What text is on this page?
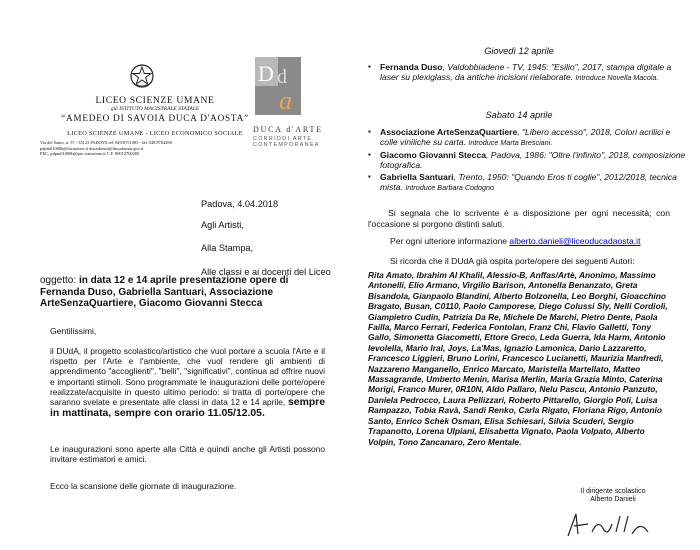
LICEO SCIENZE UMANE
già ISTITUTO MAGISTRALE STATALE
“AMEDEO DI SAVOIA DUCA D'AOSTA”
LICEO SCIENZE UMANE - LICEO ECONOMICO SOCIALE
Via del Santo, n. 57 - 35123 PADOVA tel. 049/8751083 - fax 049/8764290
pdpm01000b@istruzione.it ducadaosta@ducadaosta.gov.it
PEC: pdpm01000b@pec.istruzione.it C.F. 80012760285
D
a
d
DUCA d'ARTE
CORRIDOI ARTE
CONTEMPORANEA
Padova, 4.04.2018
Agli Artisti,
Alla Stampa,
Alle classi e ai docenti del Liceo
oggetto: in data 12 e 14 aprile presentazione opere di Fernanda Duso, Gabriella Santuari, Associazione ArteSenzaQuartiere, Giacomo Giovanni Stecca
Gentilissimi,
il DUdA, il progetto scolastico/artistico che vuol portare a scuola l'Arte e il rispetto per l'Arte e l'ambiente, che vuol rendere gli ambienti di apprendimento "accoglienti", "belli", "significativi", continua ad offrire nuovi e importanti stimoli. Sono programmate le inaugurazioni delle porte/opere realizzate/acquisite in questo ultimo periodo: si tratta di porte/opere che saranno svelate e presentate alle classi in data 12 e 14 aprile, sempre in mattinata, sempre con orario 11.05/12.05.
Le inaugurazioni sono aperte alla Città e quindi anche gli Artisti possono invitare estimatori e amici.
Ecco la scansione delle giornate di inaugurazione.
Giovedì 12 aprile
▪ Fernanda Duso, Valdobbiadene - TV, 1945: "Esilio", 2017, stampa digitale a laser su plexiglass, da antiche incisioni rielaborate. Introduce Novella Macola.
Sabato 14 aprile
▪ Associazione ArteSenzaQuartiere, "Libero accesso", 2018, Colori acrilici e colle viniliche su carta. Introduce Marta Bresciani.
▪ Giacomo Giovanni Stecca, Padova, 1986: "Oltre l'infinito", 2018, composizione fotografica.
▪ Gabriella Santuari, Trento, 1950: "Quando Eros ti coglie", 2012/2018, tecnica mista. Introduce Barbara Codogno
Si segnala che lo scrivente è a disposizione per ogni necessità; con l'occasione si porgono distinti saluti.
Per ogni ulteriore informazione alberto.danieli@liceoducadaosta.it
Si ricorda che il DUdA già ospita porte/opere dei seguenti Autori:
Rita Amato, Ibrahim Al Khalil, Alessio-B, Anffas/Artè, Anonimo, Massimo Antonelli, Elio Armano, Virgilio Barison, Antonella Benanzato, Greta Bisandola, Gianpaolo Blandini, Alberto Bolzonella, Leo Borghi, Gioacchino Bragato, Busan, C0110, Paolo Camporese, Diego Colussi Sly, Nelli Cordioli, Giampietro Cudin, Patrizia Da Re, Michele De Marchi, Pietro Dente, Paola Failla, Marco Ferrari, Federica Fontolan, Franz Chi, Flavio Galletti, Tony Gallo, Simonetta Giacometti, Ettore Greco, Leda Guerra, Ida Harm, Antonio Ievolella, Mario Iral, Joys, La'Mas, Ignazio Lamonica, Dario Lazzaretto, Francesco Liggieri, Bruno Lorini, Francesco Lucianetti, Maurizia Manfredi, Nazzareno Manganello, Enrico Marcato, Maristella Martellato, Matteo Massagrande, Umberto Menin, Marisa Merlin, Maria Grazia Minto, Caterina Morigi, Franco Murer, 0R10N, Aldo Pallaro, Nelu Pascu, Antonio Panzuto, Daniela Pedrocco, Laura Pellizzari, Roberto Pittarello, Giorgio Poli, Luisa Rampazzo, Tobia Ravà, Sandi Renko, Carla Rigato, Floriana Rigo, Antonio Santo, Enrico Schek Osman, Elisa Schiesari, Silvia Scuderi, Sergio Trapanotto, Lorena Ulpiani, Elisabetta Vignato, Paola Volpato, Alberto Volpin, Tono Zancanaro, Zero Mentale.
Il dirigente scolastico
Alberto Danieli
